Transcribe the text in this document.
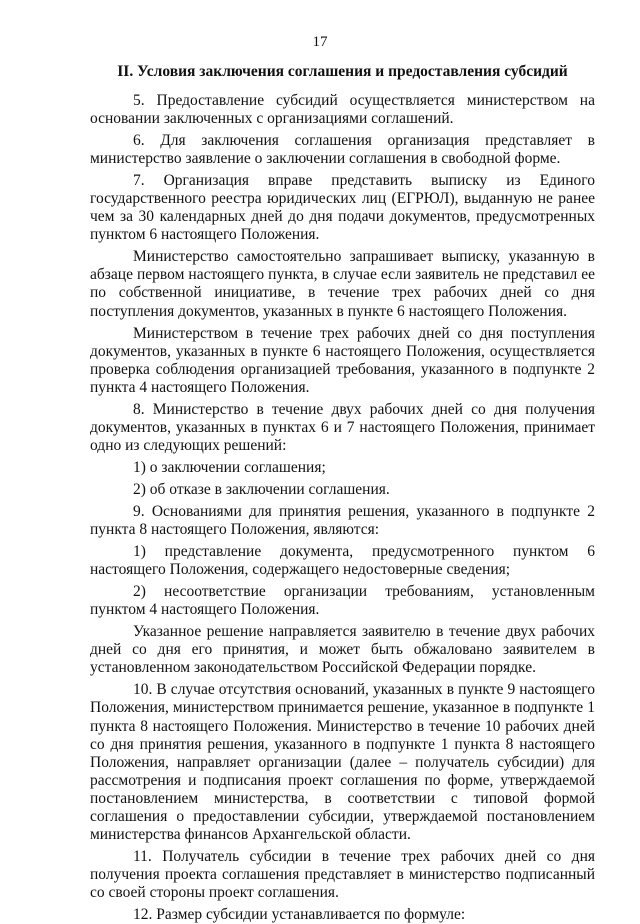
17
II. Условия заключения соглашения и предоставления субсидий

5. Предоставление субсидий осуществляется министерством на основании заключенных с организациями соглашений.

6. Для заключения соглашения организация представляет в министерство заявление о заключении соглашения в свободной форме.

7. Организация вправе представить выписку из Единого государственного реестра юридических лиц (ЕГРЮЛ), выданную не ранее чем за 30 календарных дней до дня подачи документов, предусмотренных пунктом 6 настоящего Положения.

Министерство самостоятельно запрашивает выписку, указанную в абзаце первом настоящего пункта, в случае если заявитель не представил ее по собственной инициативе, в течение трех рабочих дней со дня поступления документов, указанных в пункте 6 настоящего Положения.

Министерством в течение трех рабочих дней со дня поступления документов, указанных в пункте 6 настоящего Положения, осуществляется проверка соблюдения организацией требования, указанного в подпункте 2 пункта 4 настоящего Положения.

8. Министерство в течение двух рабочих дней со дня получения документов, указанных в пунктах 6 и 7 настоящего Положения, принимает одно из следующих решений:

1) о заключении соглашения;

2) об отказе в заключении соглашения.

9. Основаниями для принятия решения, указанного в подпункте 2 пункта 8 настоящего Положения, являются:

1) представление документа, предусмотренного пунктом 6 настоящего Положения, содержащего недостоверные сведения;

2) несоответствие организации требованиям, установленным пунктом 4 настоящего Положения.

Указанное решение направляется заявителю в течение двух рабочих дней со дня его принятия, и может быть обжаловано заявителем в установленном законодательством Российской Федерации порядке.

10. В случае отсутствия оснований, указанных в пункте 9 настоящего Положения, министерством принимается решение, указанное в подпункте 1 пункта 8 настоящего Положения. Министерство в течение 10 рабочих дней со дня принятия решения, указанного в подпункте 1 пункта 8 настоящего Положения, направляет организации (далее – получатель субсидии) для рассмотрения и подписания проект соглашения по форме, утверждаемой постановлением министерства, в соответствии с типовой формой соглашения о предоставлении субсидии, утверждаемой постановлением министерства финансов Архангельской области.

11. Получатель субсидии в течение трех рабочих дней со дня получения проекта соглашения представляет в министерство подписанный со своей стороны проект соглашения.

12. Размер субсидии устанавливается по формуле:
